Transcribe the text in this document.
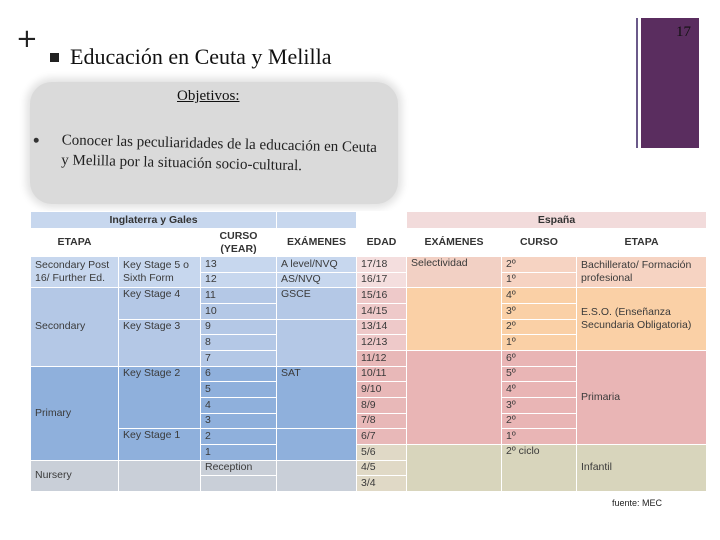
+	17
Educación en Ceuta y Melilla
Objetivos:
Conocer las peculiaridades de la educación en Ceuta y Melilla por la situación socio-cultural.
Inglaterra y Gales					España		
ETAPA		CURSO (YEAR)	EXÁMENES	EDAD	EXÁMENES	CURSO	ETAPA
Secondary Post 16/ Further Ed.	Key Stage 5 o Sixth Form	13	A level/NVQ	17/18	Selectividad	2º	Bachillerato/ Formación profesional
		12	AS/NVQ	16/17		1º	
Secondary	Key Stage 4	11	GSCE	15/16		4º	E.S.O. (Enseñanza Secundaria Obligatoria)
		10		14/15		3º	
	Key Stage 3	9		13/14		2º	
		8		12/13		1º	
		7		11/12		6º	Primaria
Primary	Key Stage 2	6	SAT	10/11		5º	
		5		9/10		4º	
		4		8/9		3º	
		3		7/8		2º	
	Key Stage 1	2		6/7		1º	
		1		5/6		2º ciclo	Infantil
Nursery		Reception		4/5			
				3/4			
fuente: MEC
